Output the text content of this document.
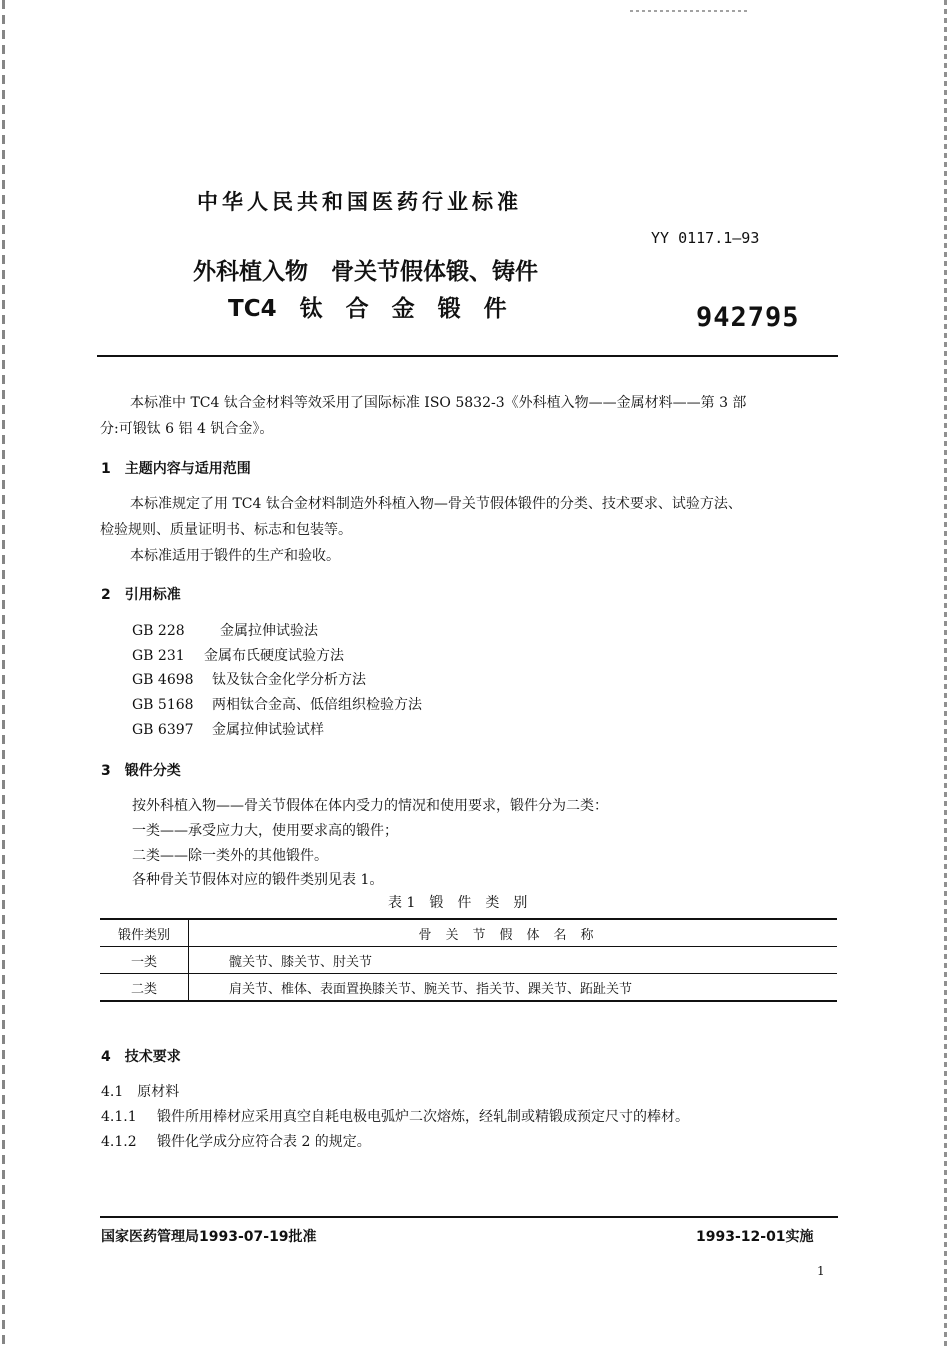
中华人民共和国医药行业标准
YY 0117.1—93
外科植入物　骨关节假体锻、铸件
TC4　钛　合　金　锻　件	942795
本标准中 TC4 钛合金材料等效采用了国际标准 ISO 5832-3《外科植入物——金属材料——第 3 部
分:可锻钛 6 铝 4 钒合金》。
1　主题内容与适用范围
本标准规定了用 TC4 钛合金材料制造外科植入物—骨关节假体锻件的分类、技术要求、试验方法、
检验规则、质量证明书、标志和包装等。
本标准适用于锻件的生产和验收。
2　引用标准
GB 228	金属拉伸试验法
GB 231 金属布氏硬度试验方法
GB 4698 钛及钛合金化学分析方法
GB 5168 两相钛合金高、低倍组织检验方法
GB 6397 金属拉伸试验试样
3　锻件分类
按外科植入物——骨关节假体在体内受力的情况和使用要求，锻件分为二类：
一类——承受应力大，使用要求高的锻件；
二类——除一类外的其他锻件。
各种骨关节假体对应的锻件类别见表 1。
表 1　锻　件　类　别
锻件类别	骨关节假体名称
一类	髋关节、膝关节、肘关节
二类	肩关节、椎体、表面置换膝关节、腕关节、指关节、踝关节、跖趾关节
4　技术要求
4.1　原材料
4.1.1 锻件所用棒材应采用真空自耗电极电弧炉二次熔炼，经轧制或精锻成预定尺寸的棒材。
4.1.2 锻件化学成分应符合表 2 的规定。
国家医药管理局1993-07-19批准	1993-12-01实施
1
